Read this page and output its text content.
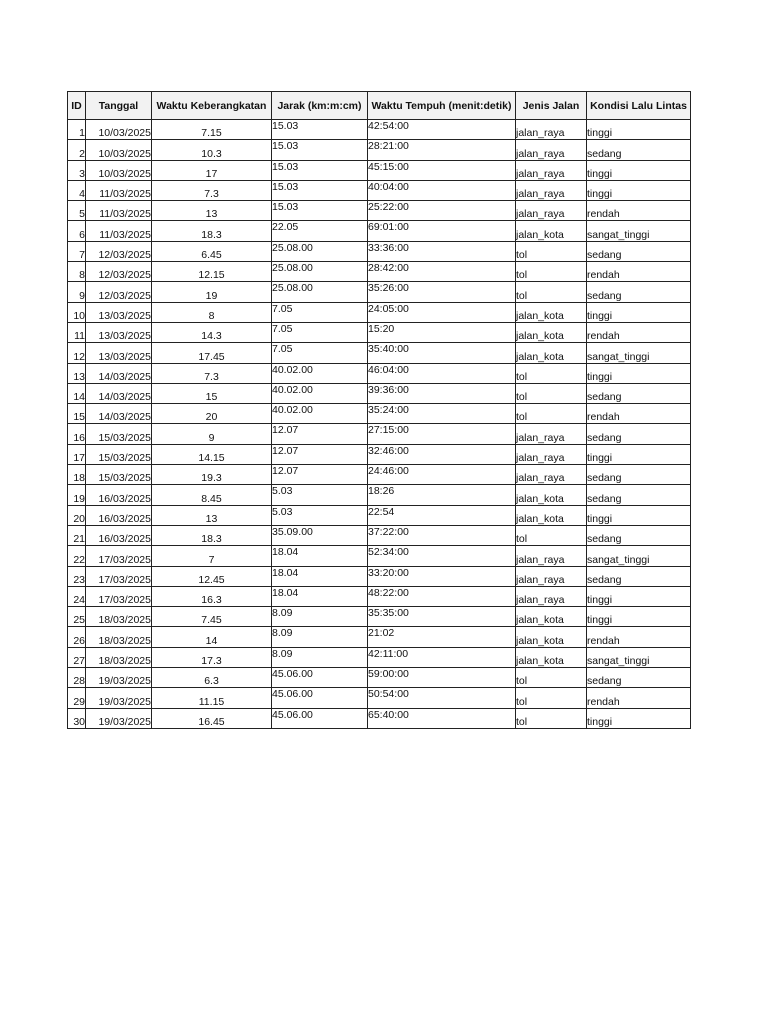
ID	Tanggal	Waktu Keberangkatan	Jarak (km:m:cm)	Waktu Tempuh (menit:detik)	Jenis Jalan	Kondisi Lalu Lintas
1	10/03/2025	7.15	15.03	42:54:00	jalan_raya	tinggi
2	10/03/2025	10.3	15.03	28:21:00	jalan_raya	sedang
3	10/03/2025	17	15.03	45:15:00	jalan_raya	tinggi
4	11/03/2025	7.3	15.03	40:04:00	jalan_raya	tinggi
5	11/03/2025	13	15.03	25:22:00	jalan_raya	rendah
6	11/03/2025	18.3	22.05	69:01:00	jalan_kota	sangat_tinggi
7	12/03/2025	6.45	25.08.00	33:36:00	tol	sedang
8	12/03/2025	12.15	25.08.00	28:42:00	tol	rendah
9	12/03/2025	19	25.08.00	35:26:00	tol	sedang
10	13/03/2025	8	7.05	24:05:00	jalan_kota	tinggi
11	13/03/2025	14.3	7.05	15:20	jalan_kota	rendah
12	13/03/2025	17.45	7.05	35:40:00	jalan_kota	sangat_tinggi
13	14/03/2025	7.3	40.02.00	46:04:00	tol	tinggi
14	14/03/2025	15	40.02.00	39:36:00	tol	sedang
15	14/03/2025	20	40.02.00	35:24:00	tol	rendah
16	15/03/2025	9	12.07	27:15:00	jalan_raya	sedang
17	15/03/2025	14.15	12.07	32:46:00	jalan_raya	tinggi
18	15/03/2025	19.3	12.07	24:46:00	jalan_raya	sedang
19	16/03/2025	8.45	5.03	18:26	jalan_kota	sedang
20	16/03/2025	13	5.03	22:54	jalan_kota	tinggi
21	16/03/2025	18.3	35.09.00	37:22:00	tol	sedang
22	17/03/2025	7	18.04	52:34:00	jalan_raya	sangat_tinggi
23	17/03/2025	12.45	18.04	33:20:00	jalan_raya	sedang
24	17/03/2025	16.3	18.04	48:22:00	jalan_raya	tinggi
25	18/03/2025	7.45	8.09	35:35:00	jalan_kota	tinggi
26	18/03/2025	14	8.09	21:02	jalan_kota	rendah
27	18/03/2025	17.3	8.09	42:11:00	jalan_kota	sangat_tinggi
28	19/03/2025	6.3	45.06.00	59:00:00	tol	sedang
29	19/03/2025	11.15	45.06.00	50:54:00	tol	rendah
30	19/03/2025	16.45	45.06.00	65:40:00	tol	tinggi
